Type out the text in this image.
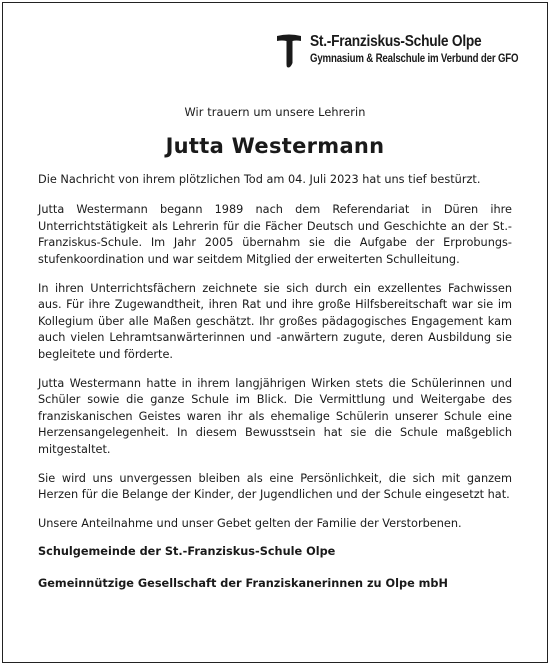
St.-Franziskus-Schule Olpe
Gymnasium & Realschule im Verbund der GFO

Wir trauern um unsere Lehrerin

Jutta Westermann

Die Nachricht von ihrem plötzlichen Tod am 04. Juli 2023 hat uns tief bestürzt.

Jutta Westermann begann 1989 nach dem Referendariat in Düren ihre Unterrichtstätigkeit als Lehrerin für die Fächer Deutsch und Geschichte an der St.-Franziskus-Schule. Im Jahr 2005 übernahm sie die Aufgabe der Erprobungsstufenkoordination und war seitdem Mitglied der erweiterten Schulleitung.

In ihren Unterrichtsfächern zeichnete sie sich durch ein exzellentes Fachwissen aus. Für ihre Zugewandtheit, ihren Rat und ihre große Hilfsbereitschaft war sie im Kollegium über alle Maßen geschätzt. Ihr großes pädagogisches Engagement kam auch vielen Lehramtsanwärterinnen und -anwärtern zugute, deren Ausbildung sie begleitete und förderte.

Jutta Westermann hatte in ihrem langjährigen Wirken stets die Schülerinnen und Schüler sowie die ganze Schule im Blick. Die Vermittlung und Weitergabe des franziskanischen Geistes waren ihr als ehemalige Schülerin unserer Schule eine Herzensangelegenheit. In diesem Bewusstsein hat sie die Schule maßgeblich mitgestaltet.

Sie wird uns unvergessen bleiben als eine Persönlichkeit, die sich mit ganzem Herzen für die Belange der Kinder, der Jugendlichen und der Schule eingesetzt hat.

Unsere Anteilnahme und unser Gebet gelten der Familie der Verstorbenen.

Schulgemeinde der St.-Franziskus-Schule Olpe

Gemeinnützige Gesellschaft der Franziskanerinnen zu Olpe mbH
